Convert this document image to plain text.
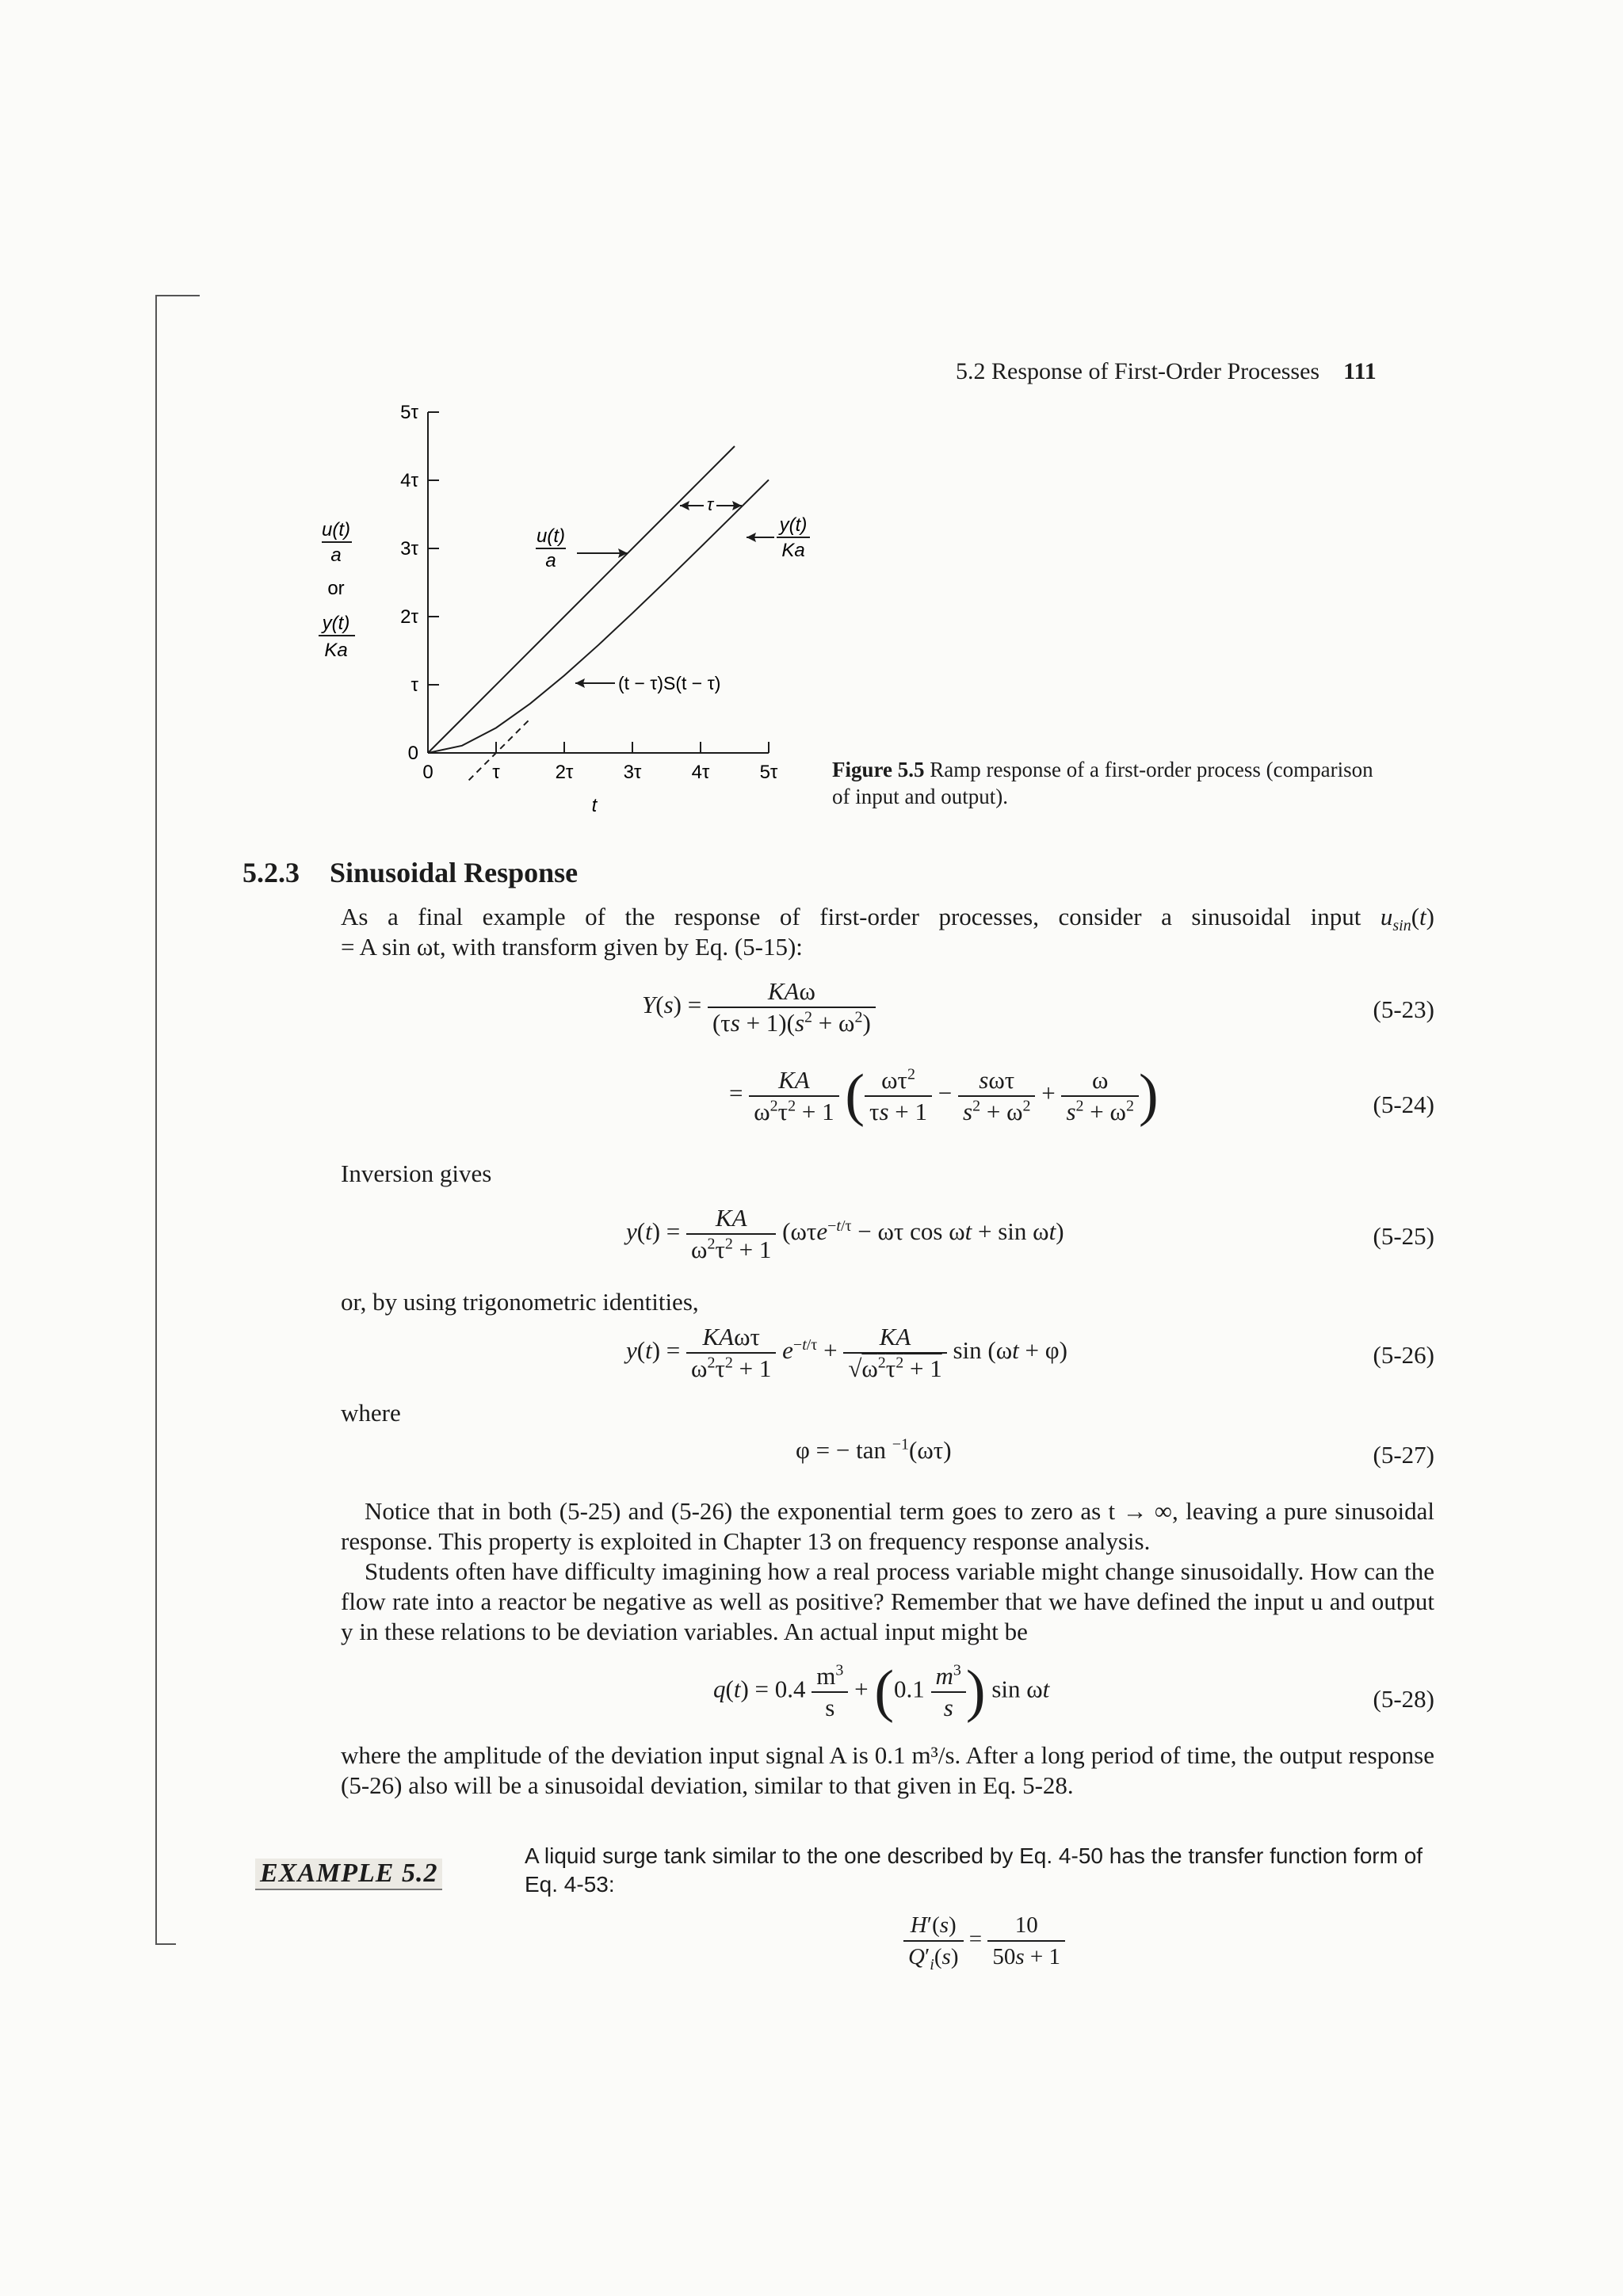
5.2 Response of First-Order Processes 111
u(t)
a
or
y(t)
Ka
0
0
τ
τ
2τ
2τ
3τ
3τ
4τ
4τ
5τ
5τ
u(t)
a
y(t)
Ka
τ
(t − τ)S(t − τ)
t
Figure 5.5 Ramp response of a first-order process (comparison of input and output).
5.2.3 Sinusoidal Response
As a final example of the response of first-order processes, consider a sinusoidal input $u_{sin}(t)$
= A sin ωt, with transform given by Eq. (5-15):
$Y(s) = \frac{\text{KAω}}{(\tau s + 1)(s^2 + \omega^2)}$	(5-23)
= $\frac{KA}{\omega^2\tau^2 + 1}$ ( $\frac{\omega\tau^2}{\tau s + 1} - \frac{\text{sωτ}}{s^2 + \omega^2} + \frac{\omega}{s^2 + \omega^2}$ )	(5-24)
Inversion gives
$y(t) = \frac{KA}{\omega^2\tau^2 + 1} (\omega\tau e^{-t/\tau} - \omega\tau$ cos ωt + sin ωt)	(5-25)
or, by using trigonometric identities,
$y(t) = \frac{\text{KAωτ}}{\omega^2\tau^2 + 1} e^{-t/\tau} + \frac{KA}{√\omega^2\tau^2 + 1}$ sin (ωt + φ)	(5-26)
where
φ = − tan $^{-1}$(ωτ)	(5-27)
Notice that in both (5-25) and (5-26) the exponential term goes to zero as t → ∞, leaving a pure sinusoidal response. This property is exploited in Chapter 13 on frequency response analysis.
Students often have difficulty imagining how a real process variable might change sinusoidally. How can the flow rate into a reactor be negative as well as positive? Remember that we have defined the input u and output y in these relations to be deviation variables. An actual input might be
$q(t) = 0.4 \frac{m^3}{s} + (0.1 \frac{m^3}{s}$ ) sin ωt	(5-28)
where the amplitude of the deviation input signal A is 0.1 m³/s. After a long period of time, the output response (5-26) also will be a sinusoidal deviation, similar to that given in Eq. 5-28.
EXAMPLE 5.2
A liquid surge tank similar to the one described by Eq. 4-50 has the transfer function form of Eq. 4-53:
$\frac{H'(s)}{Q'_i(s)} = \frac{10}{50s + 1}$
